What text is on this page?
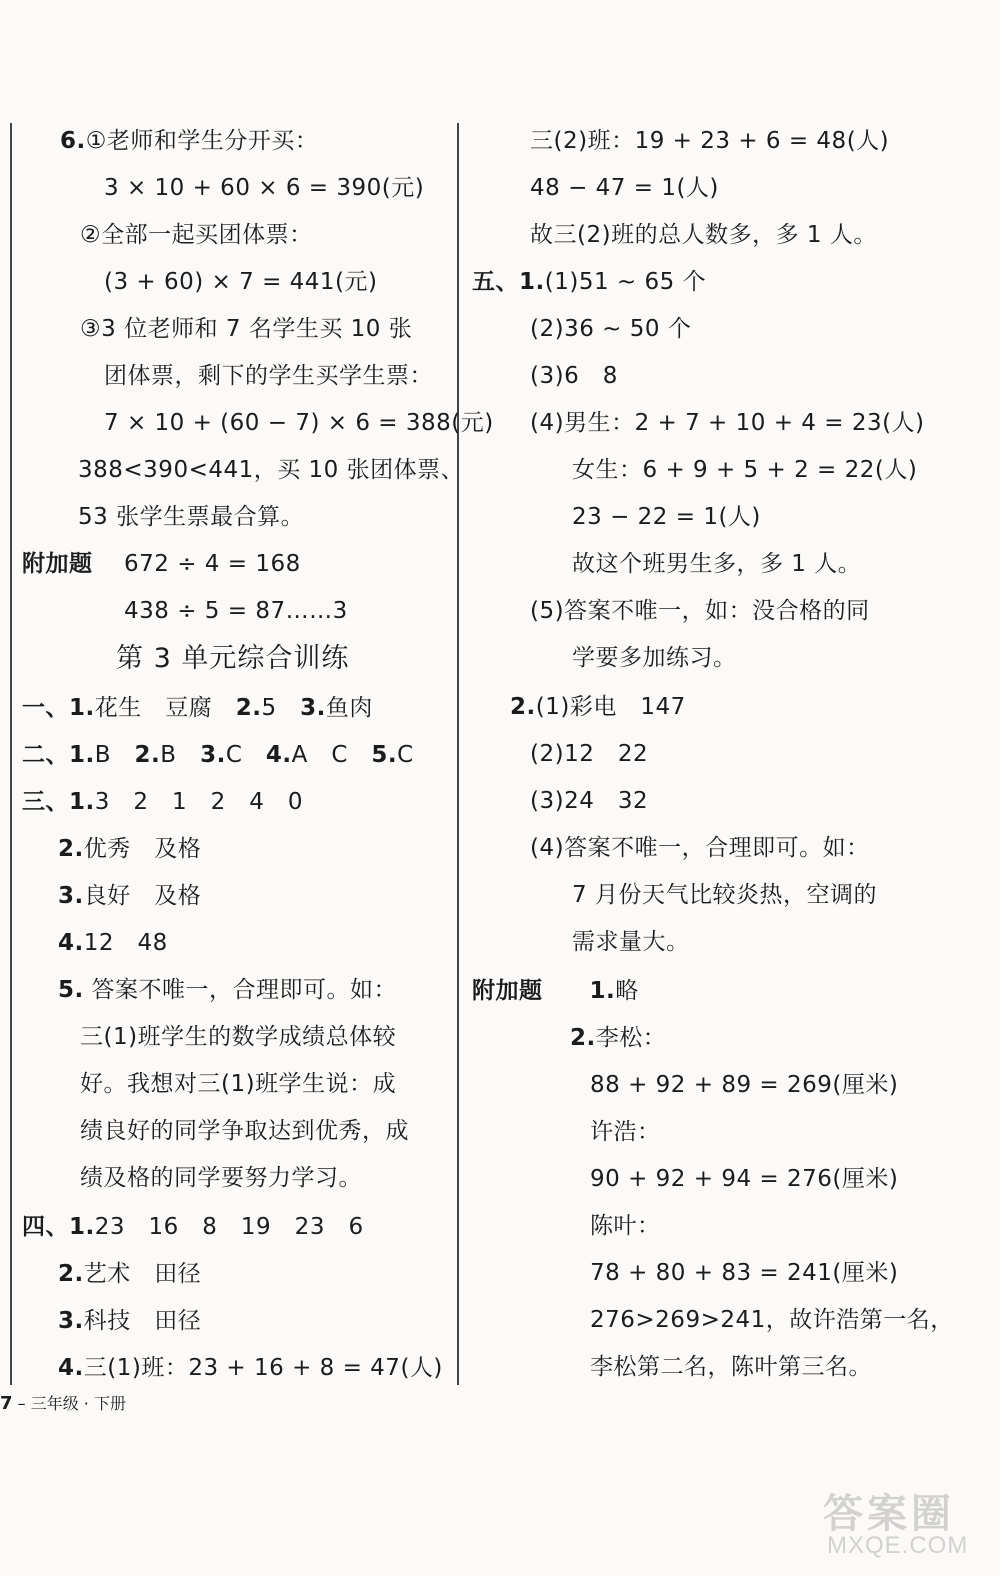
6.①老师和学生分开买：
3 × 10 + 60 × 6 = 390(元)
②全部一起买团体票：
(3 + 60) × 7 = 441(元)
③3 位老师和 7 名学生买 10 张
团体票，剩下的学生买学生票：
7 × 10 + (60 − 7) × 6 = 388(元)
388<390<441，买 10 张团体票、
53 张学生票最合算。
附加题 672 ÷ 4 = 168
438 ÷ 5 = 87……3
第 3 单元综合训练
一、1.花生　豆腐　2.5　3.鱼肉
二、1.B　2.B　3.C　4.A　C　5.C
三、1.3　2　1　2　4　0
2.优秀　及格
3.良好　及格
4.12　48
5. 答案不唯一，合理即可。如：
三(1)班学生的数学成绩总体较
好。我想对三(1)班学生说：成
绩良好的同学争取达到优秀，成
绩及格的同学要努力学习。
四、1.23　16　8　19　23　6
2.艺术　田径
3.科技　田径
4.三(1)班：23 + 16 + 8 = 47(人)
三(2)班：19 + 23 + 6 = 48(人)
48 − 47 = 1(人)
故三(2)班的总人数多，多 1 人。
五、1.(1)51 ~ 65 个
(2)36 ~ 50 个
(3)6　8
(4)男生：2 + 7 + 10 + 4 = 23(人)
女生：6 + 9 + 5 + 2 = 22(人)
23 − 22 = 1(人)
故这个班男生多，多 1 人。
(5)答案不唯一，如：没合格的同
学要多加练习。
2.(1)彩电　147
(2)12　22
(3)24　32
(4)答案不唯一，合理即可。如：
7 月份天气比较炎热，空调的
需求量大。
附加题　　 1.略
2.李松：
88 + 92 + 89 = 269(厘米)
许浩：
90 + 92 + 94 = 276(厘米)
陈叶：
78 + 80 + 83 = 241(厘米)
276>269>241，故许浩第一名，
李松第二名，陈叶第三名。
7 – 三年级 · 下册
答案圈
MXQE.COM
